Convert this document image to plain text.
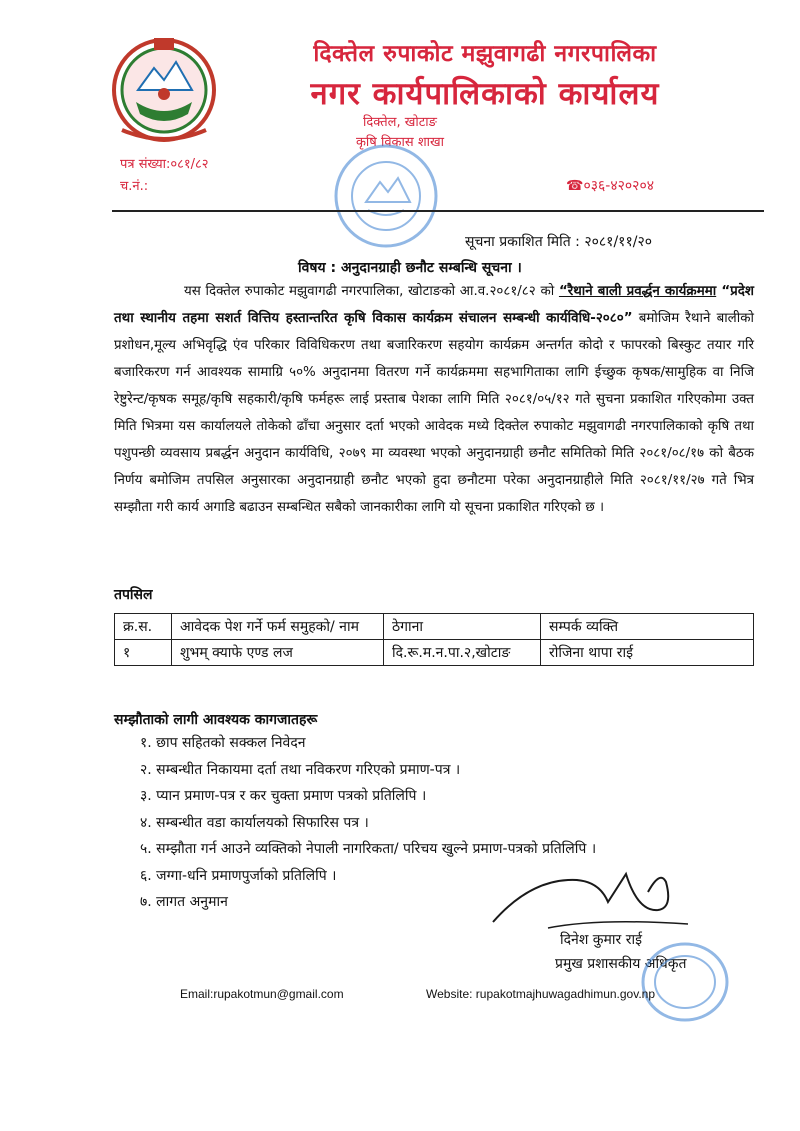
दिक्तेल रुपाकोट मझुवागढी नगरपालिका
नगर कार्यपालिकाको कार्यालय
दिक्तेल, खोटाङ
कृषि विकास शाखा
पत्र संख्या:०८१/८२
च.नं.:	☎०३६-४२०२०४
सूचना प्रकाशित मिति : २०८१/११/२०
विषय : अनुदानग्राही छनौट सम्बन्धि सूचना ।
यस दिक्तेल रुपाकोट मझुवागढी नगरपालिका, खोटाङको आ.व.२०८१/८२ को “रैथाने बाली प्रवर्द्धन कार्यक्रममा “प्रदेश तथा स्थानीय तहमा सशर्त वित्तिय हस्तान्तरित कृषि विकास कार्यक्रम संचालन सम्बन्धी कार्यविधि-२०८०” बमोजिम रैथाने बालीको प्रशोधन,मूल्य अभिवृद्धि एंव परिकार विविधिकरण तथा बजारिकरण सहयोग कार्यक्रम अन्तर्गत कोदो र फापरको बिस्कुट तयार गरि बजारिकरण गर्न आवश्यक सामाग्रि ५०% अनुदानमा वितरण गर्ने कार्यक्रममा सहभागिताका लागि ईच्छुक कृषक/सामुहिक वा निजि रेष्टुरेन्ट/कृषक समूह/कृषि सहकारी/कृषि फर्महरू लाई प्रस्ताब पेशका लागि मिति २०८१/०५/१२ गते सुचना प्रकाशित गरिएकोमा उक्त मिति भित्रमा यस कार्यालयले तोकेको ढाँचा अनुसार दर्ता भएको आवेदक मध्ये दिक्तेल रुपाकोट मझुवागढी नगरपालिकाको कृषि तथा पशुपन्छी व्यवसाय प्रबर्द्धन अनुदान कार्यविधि, २०७९ मा व्यवस्था भएको अनुदानग्राही छनौट समितिको मिति २०८१/०८/१७ को बैठक निर्णय बमोजिम तपसिल अनुसारका अनुदानग्राही छनौट भएको हुदा छनौटमा परेका अनुदानग्राहीले मिति २०८१/११/२७ गते भित्र सम्झौता गरी कार्य अगाडि बढाउन सम्बन्धित सबैको जानकारीका लागि यो सूचना प्रकाशित गरिएको छ ।
तपसिल
क्र.स.	आवेदक पेश गर्ने फर्म समुहको/ नाम	ठेगाना	सम्पर्क व्यक्ति
१	शुभम् क्याफे एण्ड लज	दि.रू.म.न.पा.२,खोटाङ	रोजिना थापा राई
सम्झौताको लागी आवश्यक कागजातहरू
१. छाप सहितको सक्कल निवेदन
२. सम्बन्धीत निकायमा दर्ता तथा नविकरण गरिएको प्रमाण-पत्र ।
३. प्यान प्रमाण-पत्र र कर चुक्ता प्रमाण पत्रको प्रतिलिपि ।
४. सम्बन्धीत वडा कार्यालयको सिफारिस पत्र ।
५. सम्झौता गर्न आउने व्यक्तिको नेपाली नागरिकता/ परिचय खुल्ने प्रमाण-पत्रको प्रतिलिपि ।
६. जग्गा-धनि प्रमाणपुर्जाको प्रतिलिपि ।
७. लागत अनुमान
दिनेश कुमार राई
प्रमुख प्रशासकीय अधिकृत
Email:rupakotmun@gmail.com	Website: rupakotmajhuwagadhimun.gov.np
